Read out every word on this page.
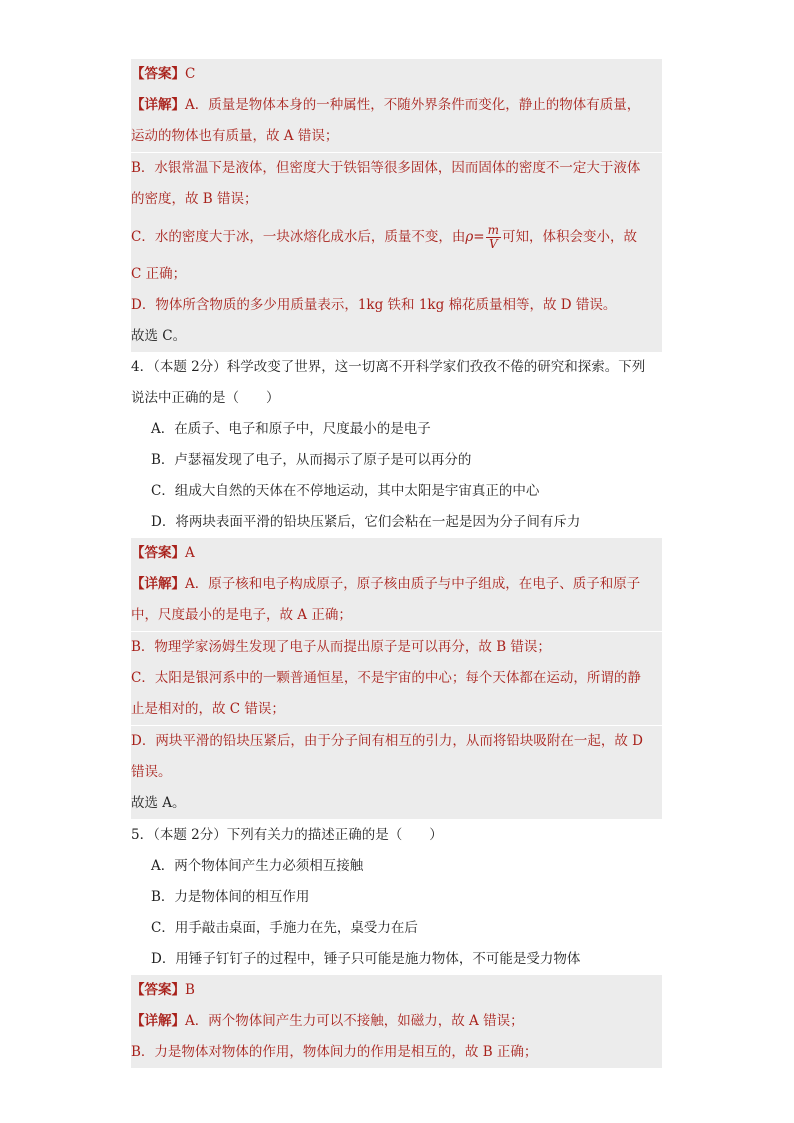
【答案】C
【详解】A．质量是物体本身的一种属性，不随外界条件而变化，静止的物体有质量，
运动的物体也有质量，故 A 错误；
B．水银常温下是液体，但密度大于铁铝等很多固体，因而固体的密度不一定大于液体
的密度，故 B 错误；
C．水的密度大于冰，一块冰熔化成水后，质量不变，由$\rho= \frac{m}{V}$ 可知，体积会变小，故
C 正确；
D．物体所含物质的多少用质量表示，1kg 铁和 1kg 棉花质量相等，故 D 错误。
故选 C。
4．（本题 2分）科学改变了世界，这一切离不开科学家们孜孜不倦的研究和探索。下列
说法中正确的是（　　）
A．在质子、电子和原子中，尺度最小的是电子
B．卢瑟福发现了电子，从而揭示了原子是可以再分的
C．组成大自然的天体在不停地运动，其中太阳是宇宙真正的中心
D．将两块表面平滑的铅块压紧后，它们会粘在一起是因为分子间有斥力
【答案】A
【详解】A．原子核和电子构成原子，原子核由质子与中子组成，在电子、质子和原子
中，尺度最小的是电子，故 A 正确；
B．物理学家汤姆生发现了电子从而提出原子是可以再分，故 B 错误；
C．太阳是银河系中的一颗普通恒星，不是宇宙的中心；每个天体都在运动，所谓的静
止是相对的，故 C 错误；
D．两块平滑的铅块压紧后，由于分子间有相互的引力，从而将铅块吸附在一起，故 D
错误。
故选 A。
5．（本题 2分）下列有关力的描述正确的是（　　）
A．两个物体间产生力必须相互接触
B．力是物体间的相互作用
C．用手敲击桌面，手施力在先，桌受力在后
D．用锤子钉钉子的过程中，锤子只可能是施力物体，不可能是受力物体
【答案】B
【详解】A．两个物体间产生力可以不接触，如磁力，故 A 错误；
B．力是物体对物体的作用，物体间力的作用是相互的，故 B 正确；
